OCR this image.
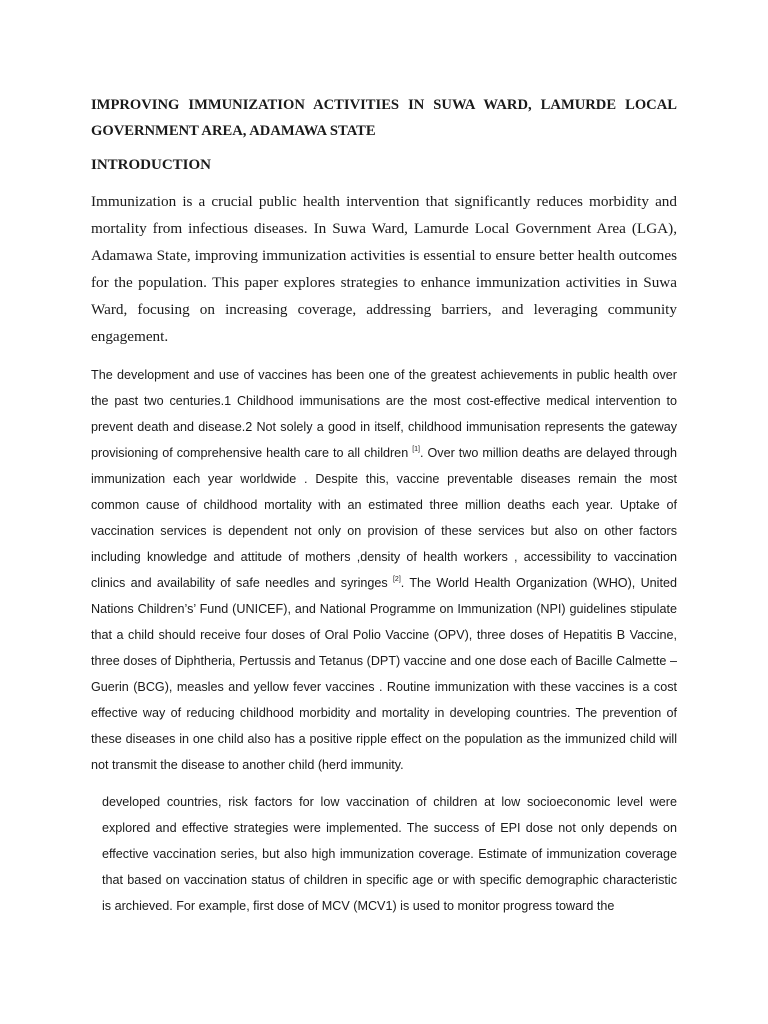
IMPROVING IMMUNIZATION ACTIVITIES IN SUWA WARD, LAMURDE LOCAL GOVERNMENT AREA, ADAMAWA STATE

INTRODUCTION

Immunization is a crucial public health intervention that significantly reduces morbidity and mortality from infectious diseases. In Suwa Ward, Lamurde Local Government Area (LGA), Adamawa State, improving immunization activities is essential to ensure better health outcomes for the population. This paper explores strategies to enhance immunization activities in Suwa Ward, focusing on increasing coverage, addressing barriers, and leveraging community engagement.

The development and use of vaccines has been one of the greatest achievements in public health over the past two centuries.1 Childhood immunisations are the most cost-effective medical intervention to prevent death and disease.2 Not solely a good in itself, childhood immunisation represents the gateway provisioning of comprehensive health care to all children [1]. Over two million deaths are delayed through immunization each year worldwide . Despite this, vaccine preventable diseases remain the most common cause of childhood mortality with an estimated three million deaths each year. Uptake of vaccination services is dependent not only on provision of these services but also on other factors including knowledge and attitude of mothers ,density of health workers , accessibility to vaccination clinics and availability of safe needles and syringes [2]. The World Health Organization (WHO), United Nations Children’s’ Fund (UNICEF), and National Programme on Immunization (NPI) guidelines stipulate that a child should receive four doses of Oral Polio Vaccine (OPV), three doses of Hepatitis B Vaccine, three doses of Diphtheria, Pertussis and Tetanus (DPT) vaccine and one dose each of Bacille Calmette – Guerin (BCG), measles and yellow fever vaccines . Routine immunization with these vaccines is a cost effective way of reducing childhood morbidity and mortality in developing countries. The prevention of these diseases in one child also has a positive ripple effect on the population as the immunized child will not transmit the disease to another child (herd immunity.

developed countries, risk factors for low vaccination of children at low socioeconomic level were explored and effective strategies were implemented. The success of EPI dose not only depends on effective vaccination series, but also high immunization coverage. Estimate of immunization coverage that based on vaccination status of children in specific age or with specific demographic characteristic is archieved. For example, first dose of MCV (MCV1) is used to monitor progress toward the
